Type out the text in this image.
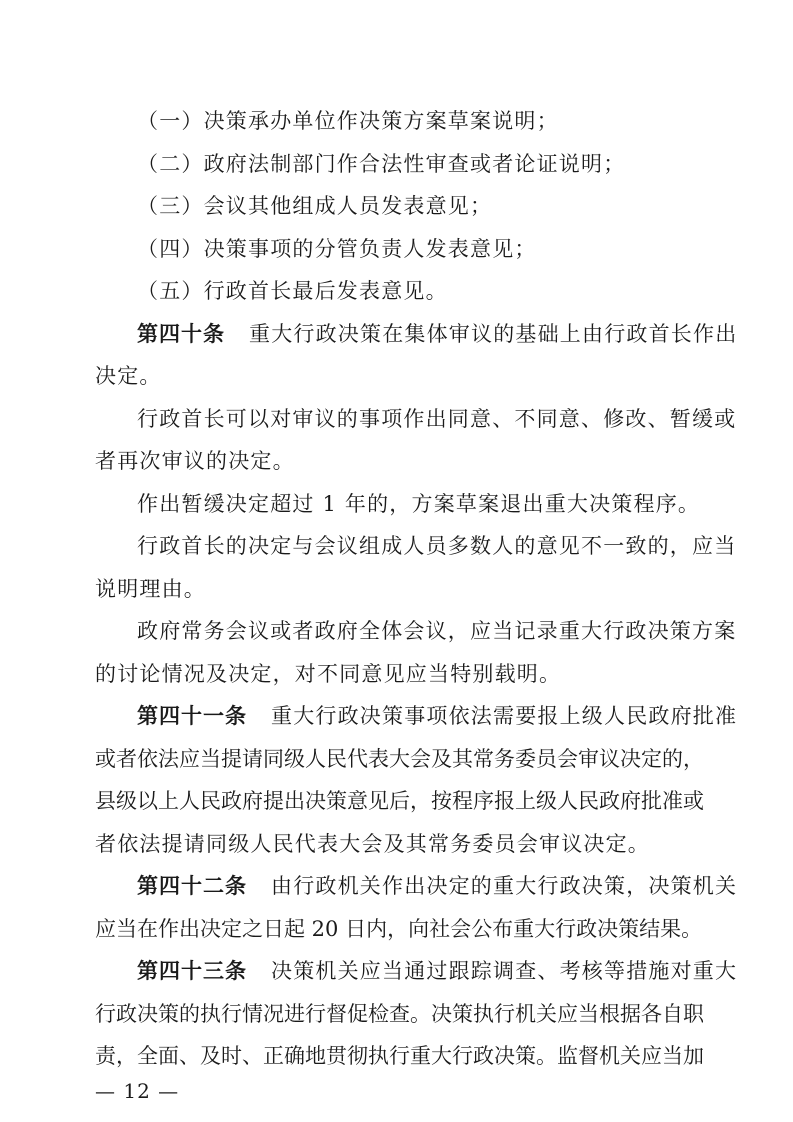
（一）决策承办单位作决策方案草案说明；
（二）政府法制部门作合法性审查或者论证说明；
（三）会议其他组成人员发表意见；
（四）决策事项的分管负责人发表意见；
（五）行政首长最后发表意见。
第四十条 重大行政决策在集体审议的基础上由行政首长作出
决定。
行政首长可以对审议的事项作出同意、不同意、修改、暂缓或
者再次审议的决定。
作出暂缓决定超过 1 年的，方案草案退出重大决策程序。
行政首长的决定与会议组成人员多数人的意见不一致的，应当
说明理由。
政府常务会议或者政府全体会议，应当记录重大行政决策方案
的讨论情况及决定，对不同意见应当特别载明。
第四十一条 重大行政决策事项依法需要报上级人民政府批准
或者依法应当提请同级人民代表大会及其常务委员会审议决定的，
县级以上人民政府提出决策意见后，按程序报上级人民政府批准或
者依法提请同级人民代表大会及其常务委员会审议决定。
第四十二条 由行政机关作出决定的重大行政决策，决策机关
应当在作出决定之日起 20 日内，向社会公布重大行政决策结果。
第四十三条 决策机关应当通过跟踪调查、考核等措施对重大
行政决策的执行情况进行督促检查。决策执行机关应当根据各自职
责，全面、及时、正确地贯彻执行重大行政决策。监督机关应当加
— 12 —
